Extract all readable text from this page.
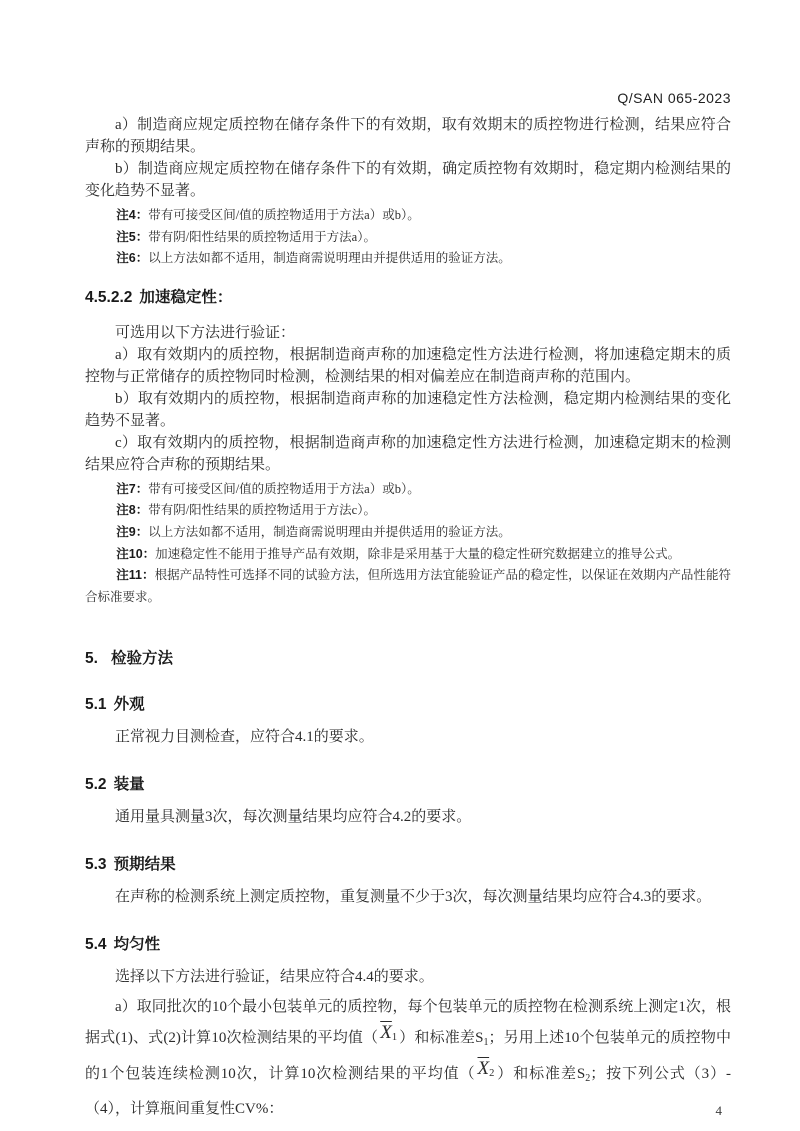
Q/SAN 065-2023

a）制造商应规定质控物在储存条件下的有效期，取有效期末的质控物进行检测，结果应符合声称的预期结果。

b）制造商应规定质控物在储存条件下的有效期，确定质控物有效期时，稳定期内检测结果的变化趋势不显著。

注4：带有可接受区间/值的质控物适用于方法a）或b）。

注5：带有阴/阳性结果的质控物适用于方法a）。

注6：以上方法如都不适用，制造商需说明理由并提供适用的验证方法。

4.5.2.2 加速稳定性：

可选用以下方法进行验证：

a）取有效期内的质控物，根据制造商声称的加速稳定性方法进行检测，将加速稳定期末的质控物与正常储存的质控物同时检测，检测结果的相对偏差应在制造商声称的范围内。

b）取有效期内的质控物，根据制造商声称的加速稳定性方法检测，稳定期内检测结果的变化趋势不显著。

c）取有效期内的质控物，根据制造商声称的加速稳定性方法进行检测，加速稳定期末的检测结果应符合声称的预期结果。

注7：带有可接受区间/值的质控物适用于方法a）或b）。

注8：带有阴/阳性结果的质控物适用于方法c）。

注9：以上方法如都不适用，制造商需说明理由并提供适用的验证方法。

注10：加速稳定性不能用于推导产品有效期，除非是采用基于大量的稳定性研究数据建立的推导公式。

注11：根据产品特性可选择不同的试验方法，但所选用方法宜能验证产品的稳定性，以保证在效期内产品性能符合标准要求。

5. 检验方法

5.1 外观

正常视力目测检查，应符合4.1的要求。

5.2 装量

通用量具测量3次，每次测量结果均应符合4.2的要求。

5.3 预期结果

在声称的检测系统上测定质控物，重复测量不少于3次，每次测量结果均应符合4.3的要求。

5.4 均匀性

选择以下方法进行验证，结果应符合4.4的要求。

a）取同批次的10个最小包装单元的质控物，每个包装单元的质控物在检测系统上测定1次，根据式(1)、式(2)计算10次检测结果的平均值（ $\overline{X}1$ ）和标准差$S_1$；另用上述10个包装单元的质控物中的1个包装连续检测10次，计算10次检测结果的平均值（ $\overline{X}2$ ）和标准差$S_2$；按下列公式（3）-（4），计算瓶间重复性CV%：	4
